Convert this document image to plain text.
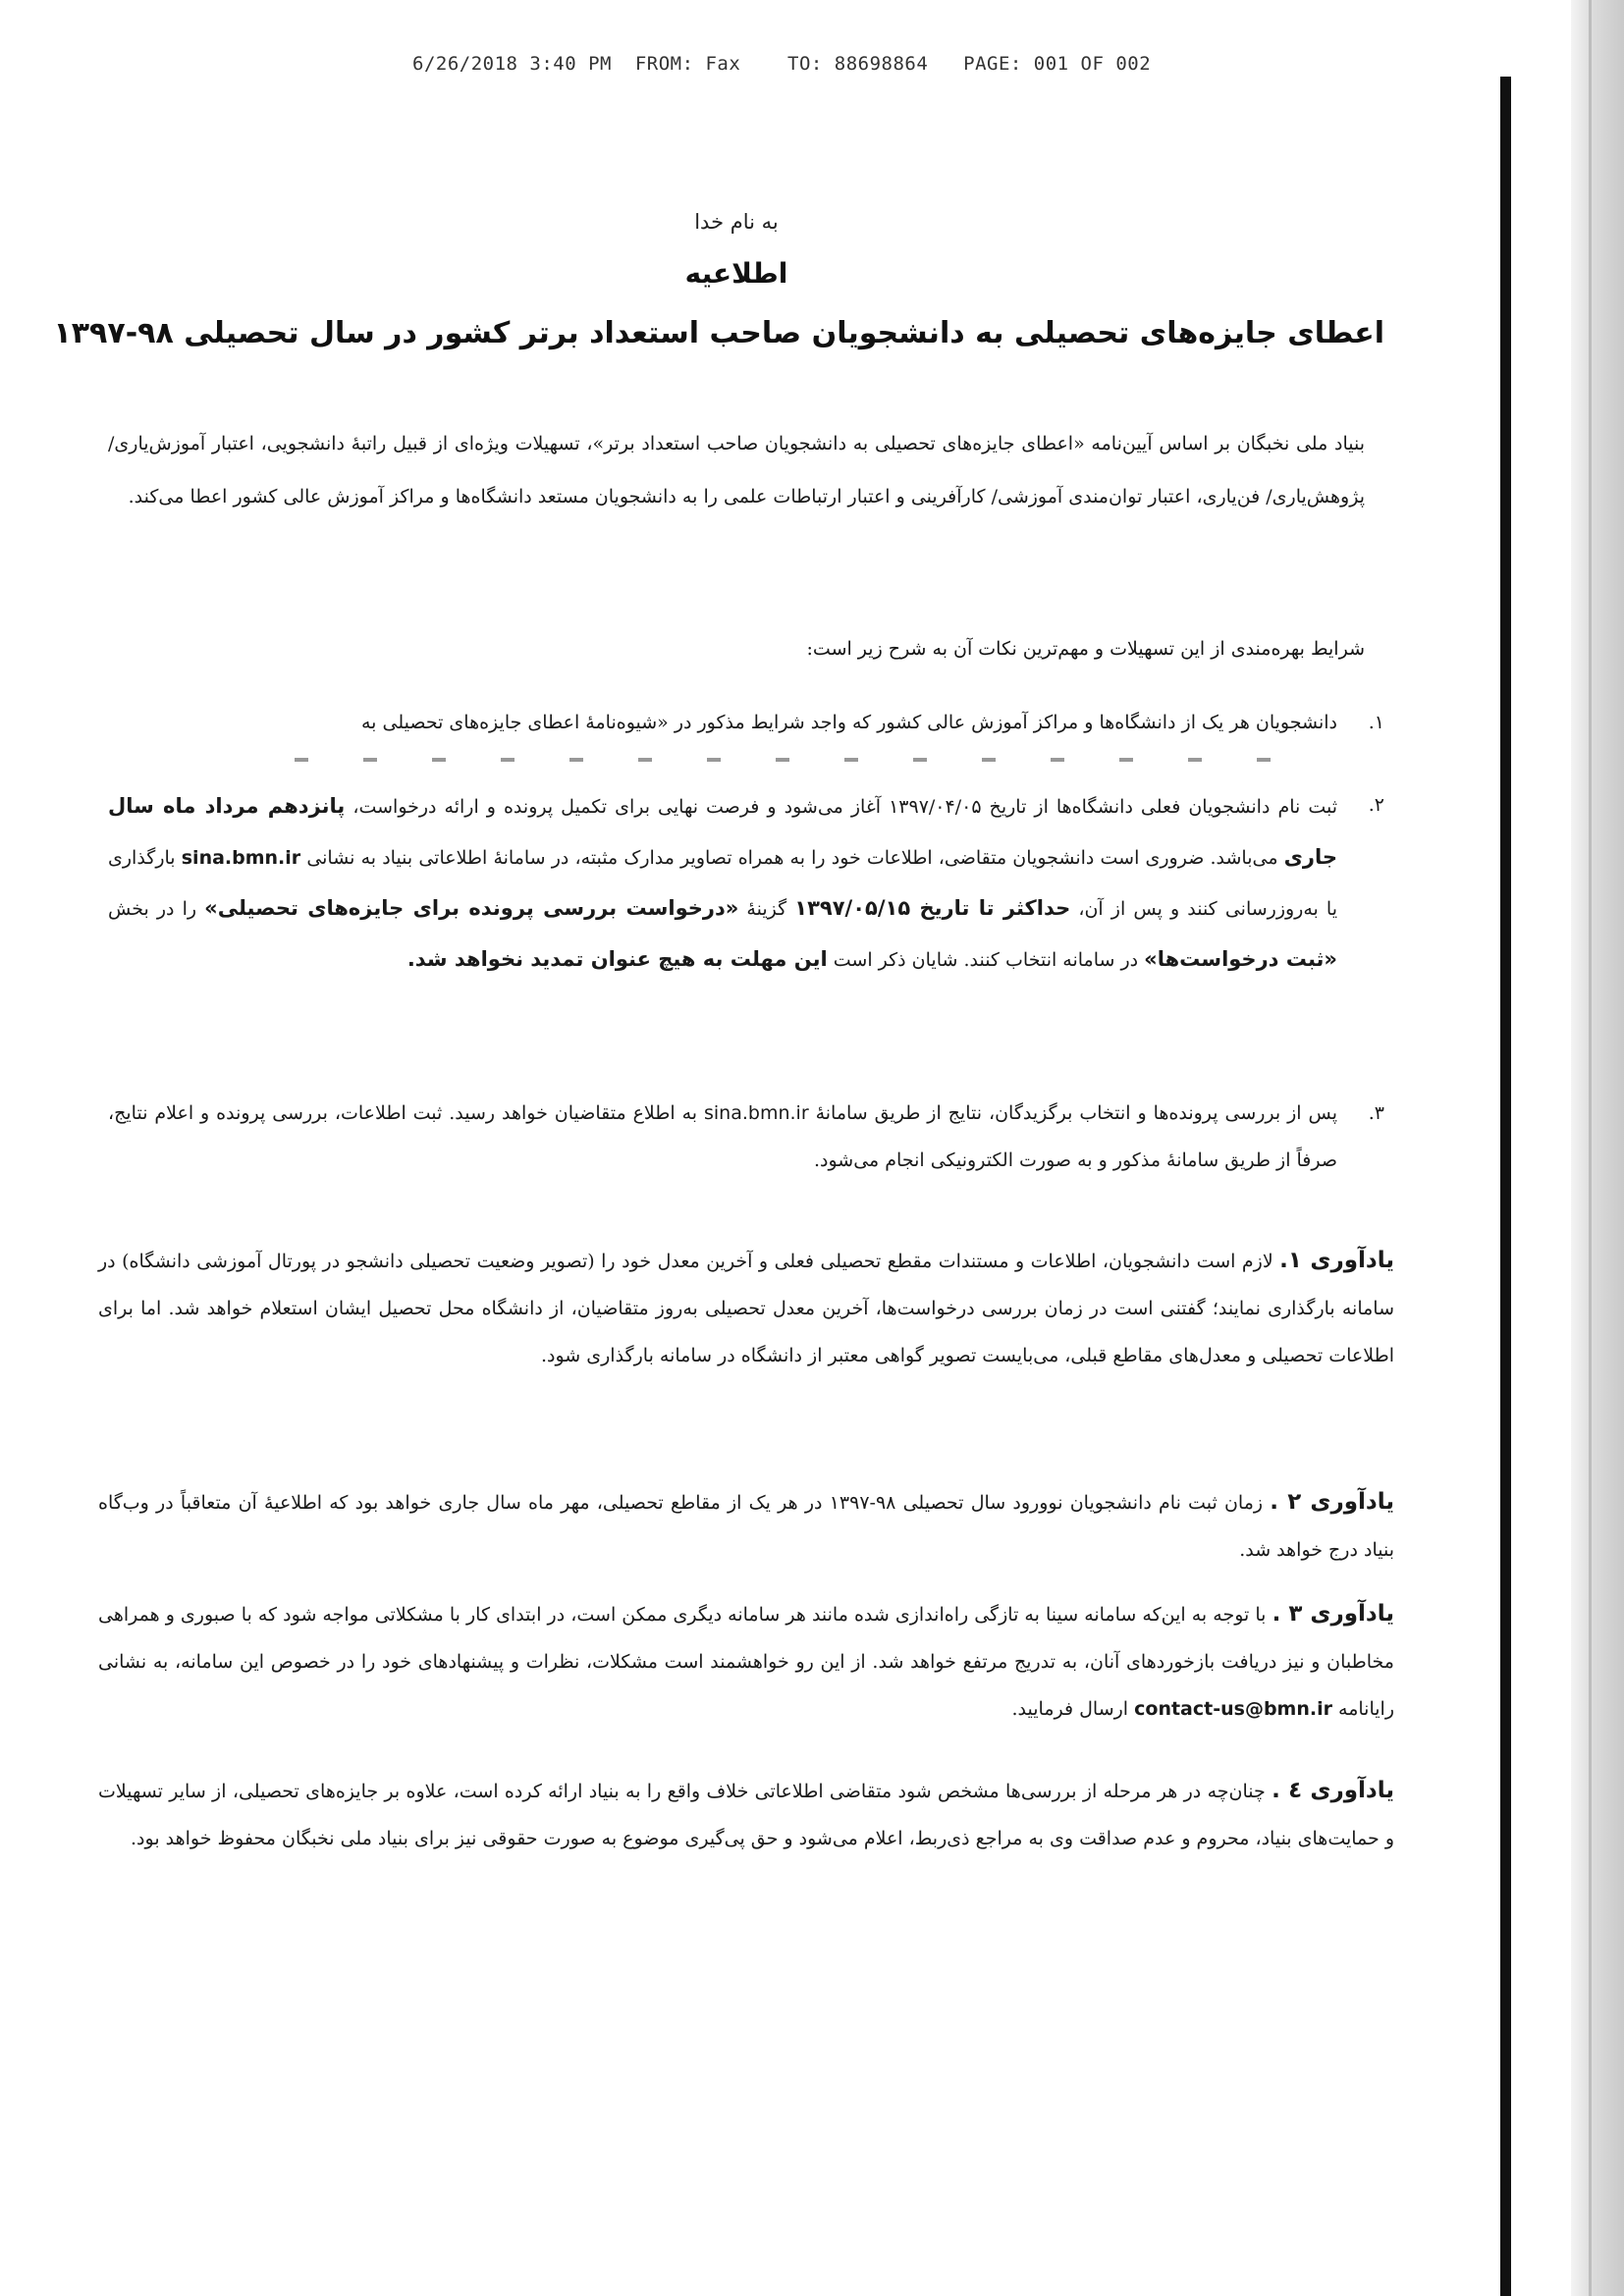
6/26/2018 3:40 PM  FROM: Fax    TO: 88698864   PAGE: 001 OF 002
به نام خدا
اطلاعیه
اعطای جایزه‌های تحصیلی به دانشجویان صاحب استعداد برتر کشور در سال تحصیلی ۹۸-۱۳۹۷
بنیاد ملی نخبگان بر اساس آیین‌نامه «اعطای جایزه‌های تحصیلی به دانشجویان صاحب استعداد برتر»، تسهیلات ویژه‌ای از قبیل راتبهٔ دانشجویی، اعتبار آموزش‌یاری/ پژوهش‌یاری/ فن‌یاری، اعتبار توان‌مندی آموزشی/ کارآفرینی و اعتبار ارتباطات علمی را به دانشجویان مستعد دانشگاه‌ها و مراکز آموزش عالی کشور اعطا می‌کند.
شرایط بهره‌مندی از این تسهیلات و مهم‌ترین نکات آن به شرح زیر است:
۱.
دانشجویان هر یک از دانشگاه‌ها و مراکز آموزش عالی کشور که واجد شرایط مذکور در «شیوه‌نامهٔ اعطای جایزه‌های تحصیلی به
۲.
ثبت نام دانشجویان فعلی دانشگاه‌ها از تاریخ ۱۳۹۷/۰۴/۰۵ آغاز می‌شود و فرصت نهایی برای تکمیل پرونده و ارائه درخواست، پانزدهم مرداد ماه سال جاری می‌باشد. ضروری است دانشجویان متقاضی، اطلاعات خود را به همراه تصاویر مدارک مثبته، در سامانهٔ اطلاعاتی بنیاد به نشانی sina.bmn.ir بارگذاری یا به‌روزرسانی کنند و پس از آن، حداکثر تا تاریخ ۱۳۹۷/۰۵/۱۵ گزینهٔ «درخواست بررسی پرونده برای جایزه‌های تحصیلی» را در بخش «ثبت درخواست‌ها» در سامانه انتخاب کنند. شایان ذکر است این مهلت به هیچ عنوان تمدید نخواهد شد.
۳.
پس از بررسی پرونده‌ها و انتخاب برگزیدگان، نتایج از طریق سامانهٔ sina.bmn.ir به اطلاع متقاضیان خواهد رسید. ثبت اطلاعات، بررسی پرونده و اعلام نتایج، صرفاً از طریق سامانهٔ مذکور و به صورت الکترونیکی انجام می‌شود.
یادآوری ۱. لازم است دانشجویان، اطلاعات و مستندات مقطع تحصیلی فعلی و آخرین معدل خود را (تصویر وضعیت تحصیلی دانشجو در پورتال آموزشی دانشگاه) در سامانه بارگذاری نمایند؛ گفتنی است در زمان بررسی درخواست‌ها، آخرین معدل تحصیلی به‌روز متقاضیان، از دانشگاه محل تحصیل ایشان استعلام خواهد شد. اما برای اطلاعات تحصیلی و معدل‌های مقاطع قبلی، می‌بایست تصویر گواهی معتبر از دانشگاه در سامانه بارگذاری شود.
یادآوری ۲ . زمان ثبت نام دانشجویان نوورود سال تحصیلی ۹۸-۱۳۹۷ در هر یک از مقاطع تحصیلی، مهر ماه سال جاری خواهد بود که اطلاعیهٔ آن متعاقباً در وب‌گاه بنیاد درج خواهد شد.
یادآوری ۳ . با توجه به این‌که سامانه سینا به تازگی راه‌اندازی شده مانند هر سامانه دیگری ممکن است، در ابتدای کار با مشکلاتی مواجه شود که با صبوری و همراهی مخاطبان و نیز دریافت بازخوردهای آنان، به تدریج مرتفع خواهد شد. از این رو خواهشمند است مشکلات، نظرات و پیشنهادهای خود را در خصوص این سامانه، به نشانی رایانامه contact-us@bmn.ir ارسال فرمایید.
یادآوری ٤ . چنان‌چه در هر مرحله از بررسی‌ها مشخص شود متقاضی اطلاعاتی خلاف واقع را به بنیاد ارائه کرده است، علاوه بر جایزه‌های تحصیلی، از سایر تسهیلات و حمایت‌های بنیاد، محروم و عدم صداقت وی به مراجع ذی‌ربط، اعلام می‌شود و حق پی‌گیری موضوع به صورت حقوقی نیز برای بنیاد ملی نخبگان محفوظ خواهد بود.
